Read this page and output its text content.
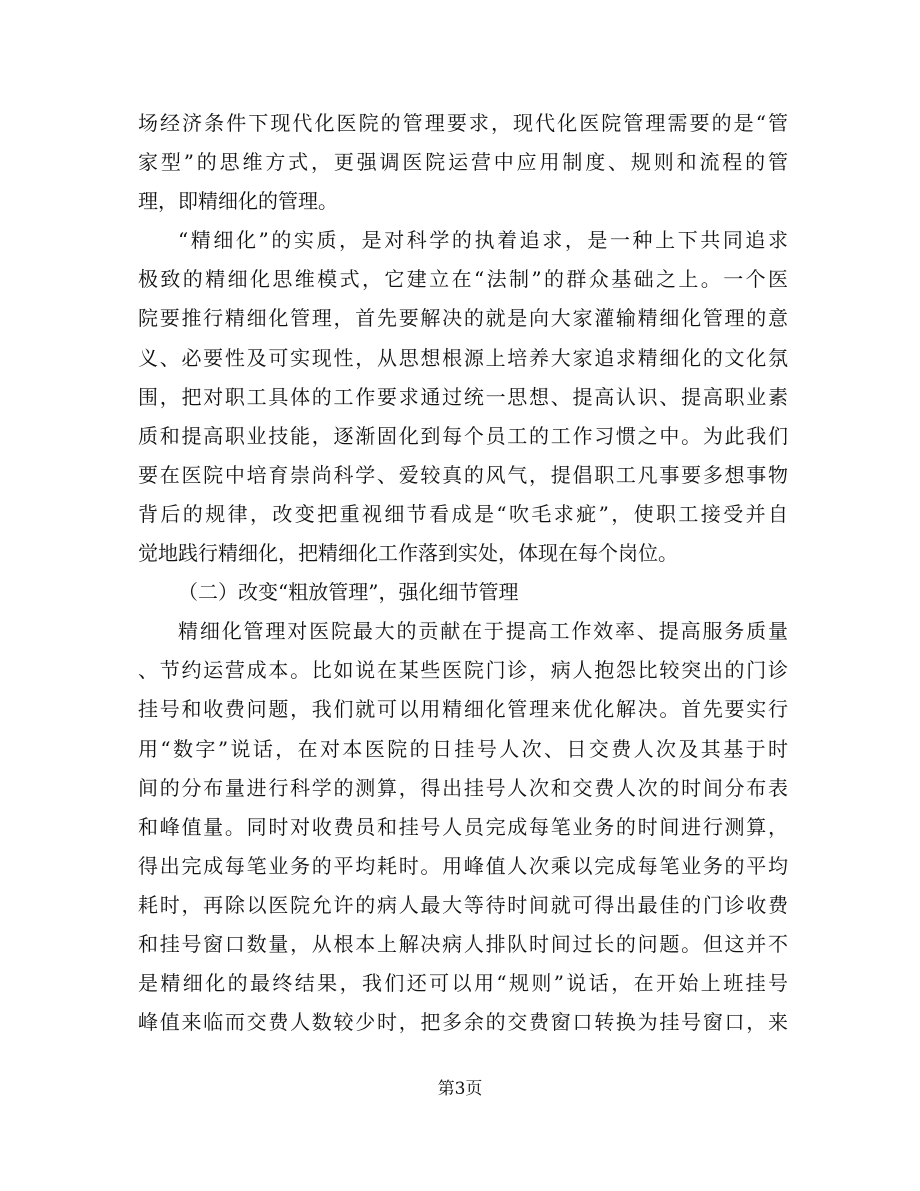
场经济条件下现代化医院的管理要求，现代化医院管理需要的是“管
家型”的思维方式，更强调医院运营中应用制度、规则和流程的管
理，即精细化的管理。
“精细化”的实质，是对科学的执着追求，是一种上下共同追求
极致的精细化思维模式，它建立在“法制”的群众基础之上。一个医
院要推行精细化管理，首先要解决的就是向大家灌输精细化管理的意
义、必要性及可实现性，从思想根源上培养大家追求精细化的文化氛
围，把对职工具体的工作要求通过统一思想、提高认识、提高职业素
质和提高职业技能，逐渐固化到每个员工的工作习惯之中。为此我们
要在医院中培育崇尚科学、爱较真的风气，提倡职工凡事要多想事物
背后的规律，改变把重视细节看成是“吹毛求疵”，使职工接受并自
觉地践行精细化，把精细化工作落到实处，体现在每个岗位。
（二）改变“粗放管理”，强化细节管理
精细化管理对医院最大的贡献在于提高工作效率、提高服务质量
、节约运营成本。比如说在某些医院门诊，病人抱怨比较突出的门诊
挂号和收费问题，我们就可以用精细化管理来优化解决。首先要实行
用“数字”说话，在对本医院的日挂号人次、日交费人次及其基于时
间的分布量进行科学的测算，得出挂号人次和交费人次的时间分布表
和峰值量。同时对收费员和挂号人员完成每笔业务的时间进行测算，
得出完成每笔业务的平均耗时。用峰值人次乘以完成每笔业务的平均
耗时，再除以医院允许的病人最大等待时间就可得出最佳的门诊收费
和挂号窗口数量，从根本上解决病人排队时间过长的问题。但这并不
是精细化的最终结果，我们还可以用“规则”说话，在开始上班挂号
峰值来临而交费人数较少时，把多余的交费窗口转换为挂号窗口，来
第3页
